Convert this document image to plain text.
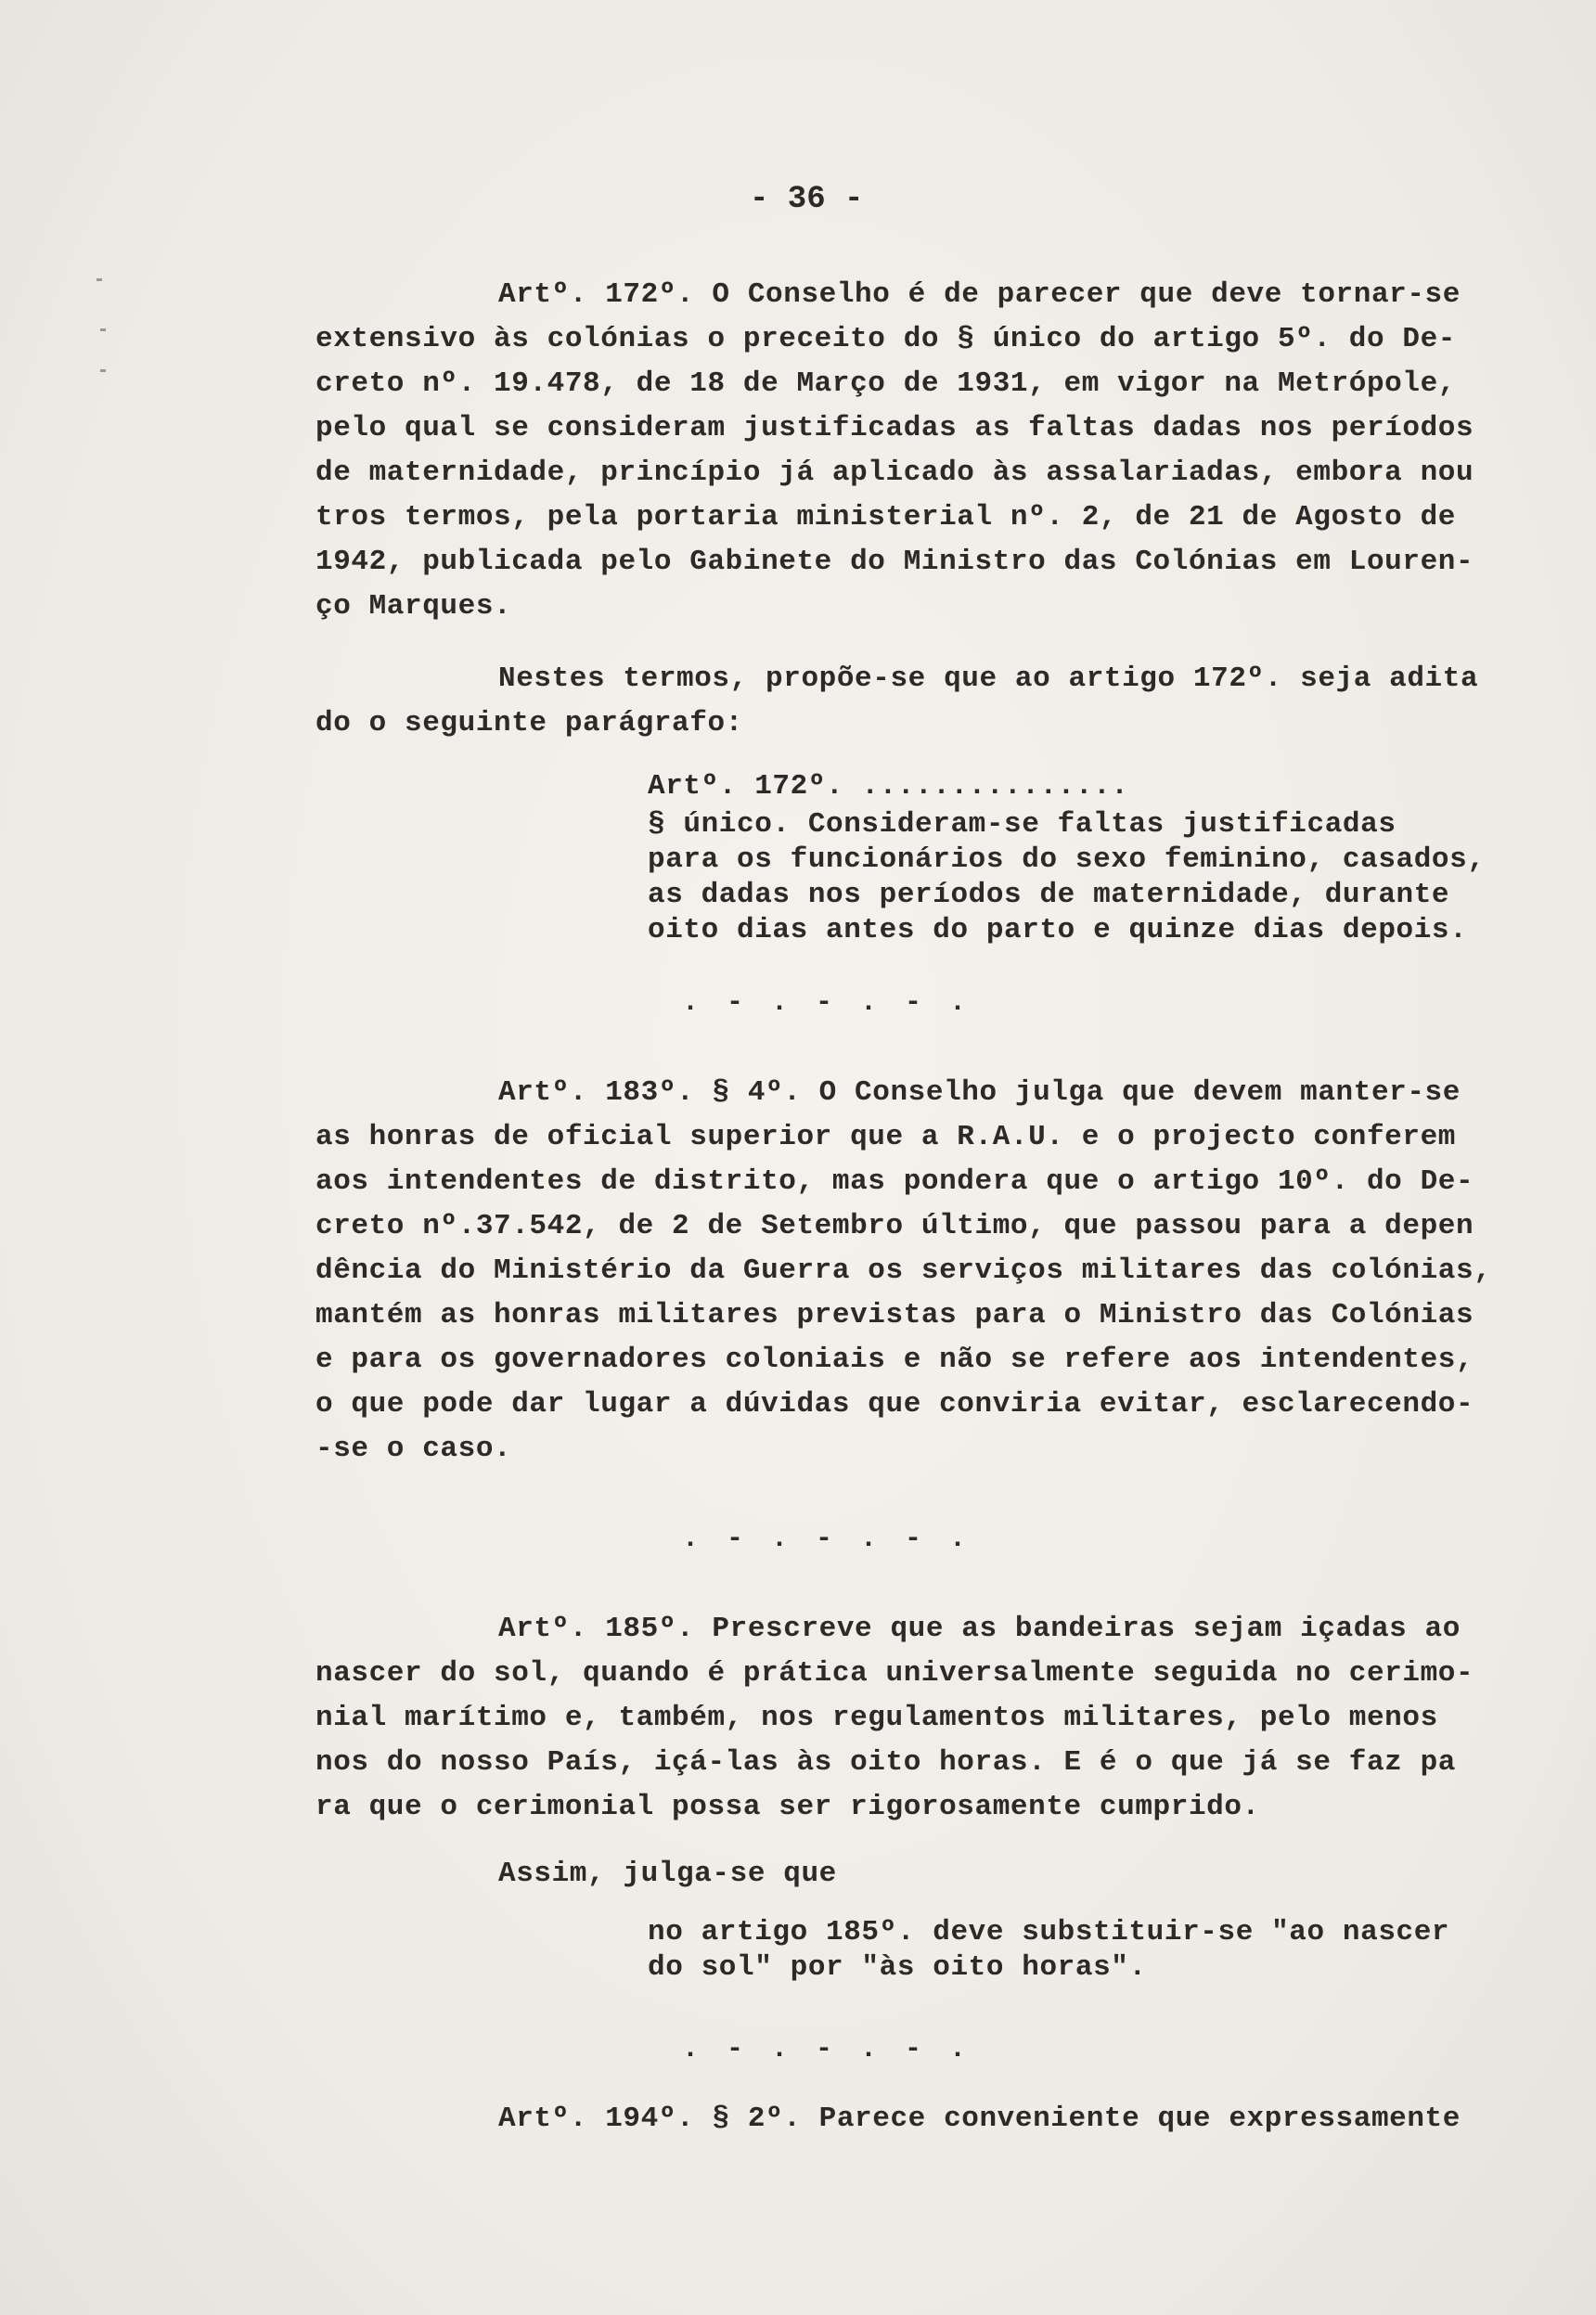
- 36 -
Artº. 172º. O Conselho é de parecer que deve tornar-se
extensivo às colónias o preceito do § único do artigo 5º. do De-
creto nº. 19.478, de 18 de Março de 1931, em vigor na Metrópole,
pelo qual se consideram justificadas as faltas dadas nos períodos
de maternidade, princípio já aplicado às assalariadas, embora nou
tros termos, pela portaria ministerial nº. 2, de 21 de Agosto de
1942, publicada pelo Gabinete do Ministro das Colónias em Louren-
ço Marques.
Nestes termos, propõe-se que ao artigo 172º. seja adita
do o seguinte parágrafo:
Artº. 172º. ...............
§ único. Consideram-se faltas justificadas
para os funcionários do sexo feminino, casados,
as dadas nos períodos de maternidade, durante
oito dias antes do parto e quinze dias depois.
. - . - . - .
Artº. 183º. § 4º. O Conselho julga que devem manter-se
as honras de oficial superior que a R.A.U. e o projecto conferem
aos intendentes de distrito, mas pondera que o artigo 10º. do De-
creto nº.37.542, de 2 de Setembro último, que passou para a depen
dência do Ministério da Guerra os serviços militares das colónias,
mantém as honras militares previstas para o Ministro das Colónias
e para os governadores coloniais e não se refere aos intendentes,
o que pode dar lugar a dúvidas que conviria evitar, esclarecendo-
-se o caso.
. - . - . - .
Artº. 185º. Prescreve que as bandeiras sejam içadas ao
nascer do sol, quando é prática universalmente seguida no cerimo-
nial marítimo e, também, nos regulamentos militares, pelo menos
nos do nosso País, içá-las às oito horas. E é o que já se faz pa
ra que o cerimonial possa ser rigorosamente cumprido.
Assim, julga-se que
no artigo 185º. deve substituir-se "ao nascer
do sol" por "às oito horas".
. - . - . - .
Artº. 194º. § 2º. Parece conveniente que expressamente
